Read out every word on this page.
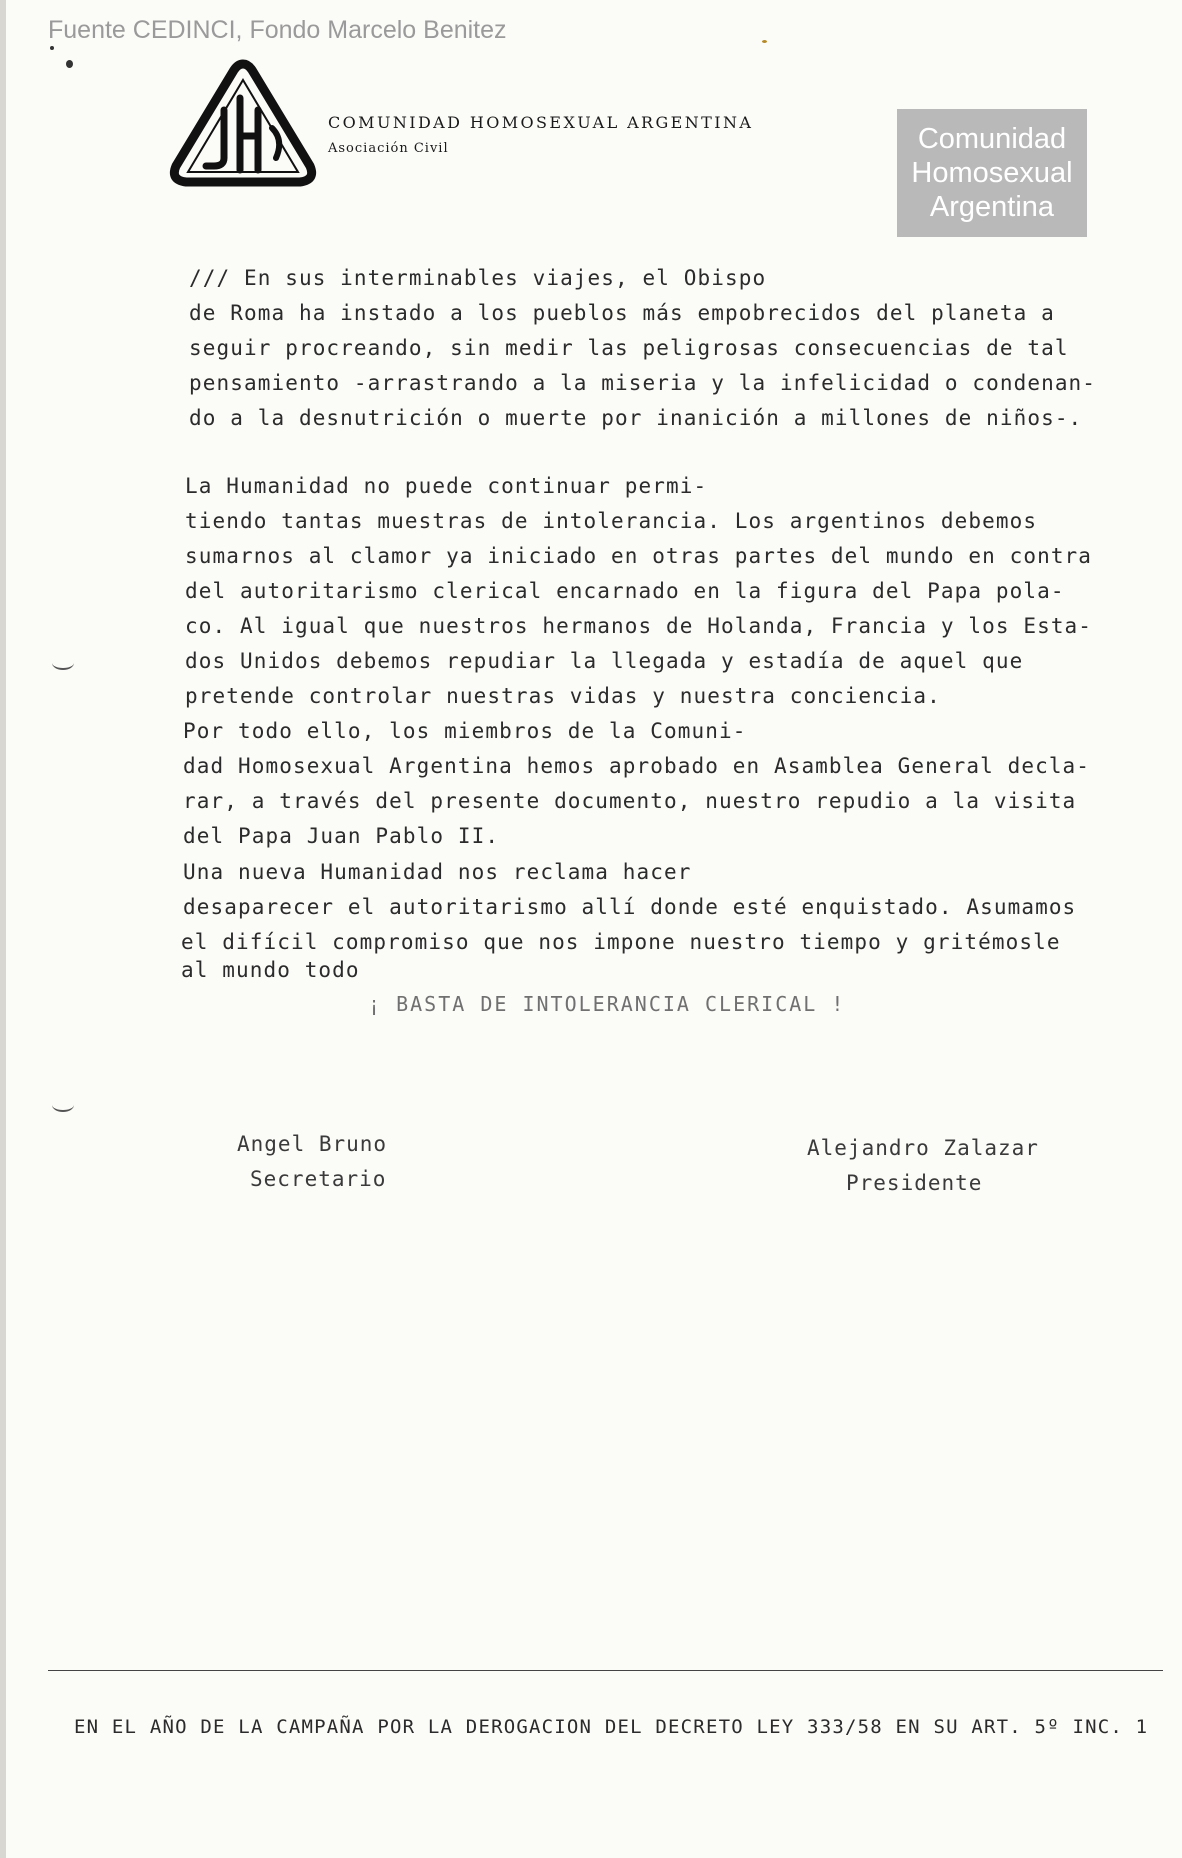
Fuente CEDINCI, Fondo Marcelo Benitez
COMUNIDAD HOMOSEXUAL ARGENTINA
Asociación Civil	Comunidad
Homosexual
Argentina
/// En sus interminables viajes, el Obispo
de Roma ha instado a los pueblos más empobrecidos del planeta a
seguir procreando, sin medir las peligrosas consecuencias de tal
pensamiento -arrastrando a la miseria y la infelicidad o condenan-
do a la desnutrición o muerte por inanición a millones de niños-.
La Humanidad no puede continuar permi-
tiendo tantas muestras de intolerancia. Los argentinos debemos
sumarnos al clamor ya iniciado en otras partes del mundo en contra
del autoritarismo clerical encarnado en la figura del Papa pola-
co. Al igual que nuestros hermanos de Holanda, Francia y los Esta-
dos Unidos debemos repudiar la llegada y estadía de aquel que
pretende controlar nuestras vidas y nuestra conciencia.
Por todo ello, los miembros de la Comuni-
dad Homosexual Argentina hemos aprobado en Asamblea General decla-
rar, a través del presente documento, nuestro repudio a la visita
del Papa Juan Pablo II.
Una nueva Humanidad nos reclama hacer
desaparecer el autoritarismo allí donde esté enquistado. Asumamos
el difícil compromiso que nos impone nuestro tiempo y gritémosle
al mundo todo
¡ BASTA DE INTOLERANCIA CLERICAL !
Angel Bruno
Secretario
Alejandro Zalazar
Presidente
EN EL AÑO DE LA CAMPAÑA POR LA DEROGACION DEL DECRETO LEY 333/58 EN SU ART. 5º INC. 1
